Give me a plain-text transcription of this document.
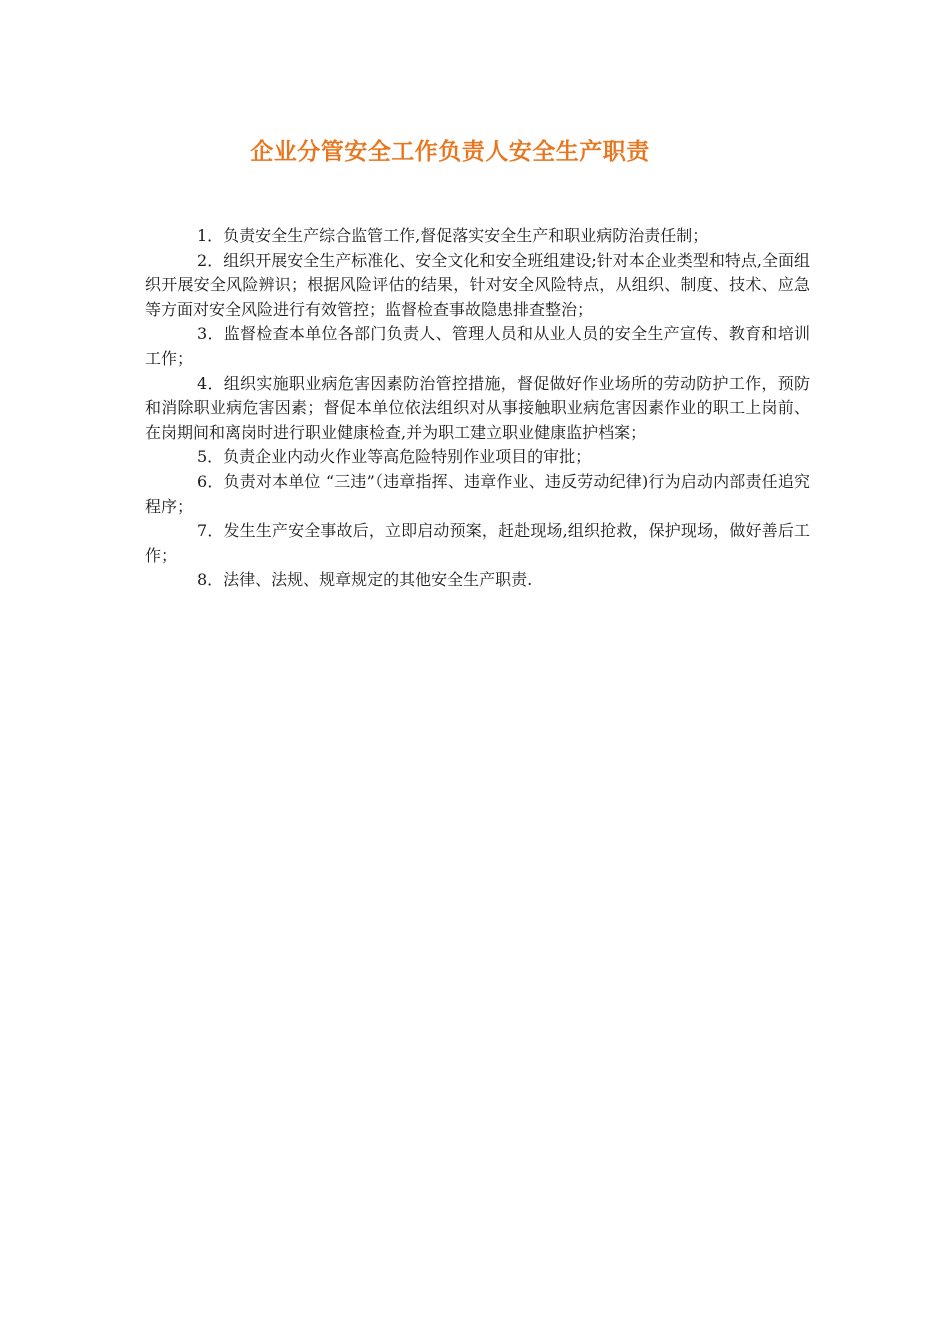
企业分管安全工作负责人安全生产职责

1．负责安全生产综合监管工作,督促落实安全生产和职业病防治责任制；

2．组织开展安全生产标准化、安全文化和安全班组建设;针对本企业类型和特点,全面组织开展安全风险辨识；根据风险评估的结果，针对安全风险特点，从组织、制度、技术、应急等方面对安全风险进行有效管控；监督检查事故隐患排查整治；

3．监督检查本单位各部门负责人、管理人员和从业人员的安全生产宣传、教育和培训工作；

4．组织实施职业病危害因素防治管控措施，督促做好作业场所的劳动防护工作，预防和消除职业病危害因素；督促本单位依法组织对从事接触职业病危害因素作业的职工上岗前、在岗期间和离岗时进行职业健康检查,并为职工建立职业健康监护档案；

5．负责企业内动火作业等高危险特别作业项目的审批；

6．负责对本单位 “三违”（违章指挥、违章作业、违反劳动纪律)行为启动内部责任追究程序；

7．发生生产安全事故后，立即启动预案，赶赴现场,组织抢救，保护现场，做好善后工作；

8．法律、法规、规章规定的其他安全生产职责.
